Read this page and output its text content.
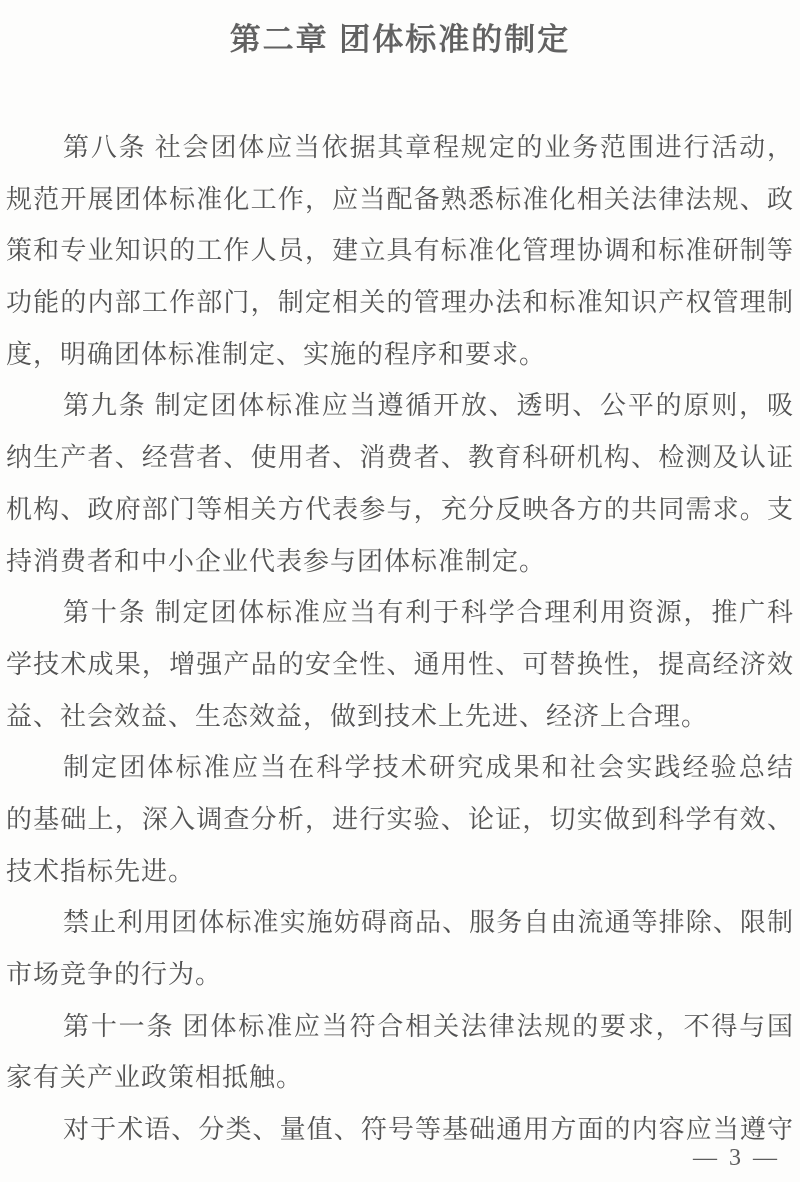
第二章 团体标准的制定
第八条 社会团体应当依据其章程规定的业务范围进行活动，
规范开展团体标准化工作，应当配备熟悉标准化相关法律法规、政
策和专业知识的工作人员，建立具有标准化管理协调和标准研制等
功能的内部工作部门，制定相关的管理办法和标准知识产权管理制
度，明确团体标准制定、实施的程序和要求。
第九条 制定团体标准应当遵循开放、透明、公平的原则，吸
纳生产者、经营者、使用者、消费者、教育科研机构、检测及认证
机构、政府部门等相关方代表参与，充分反映各方的共同需求。支
持消费者和中小企业代表参与团体标准制定。
第十条 制定团体标准应当有利于科学合理利用资源，推广科
学技术成果，增强产品的安全性、通用性、可替换性，提高经济效
益、社会效益、生态效益，做到技术上先进、经济上合理。
制定团体标准应当在科学技术研究成果和社会实践经验总结
的基础上，深入调查分析，进行实验、论证，切实做到科学有效、
技术指标先进。
禁止利用团体标准实施妨碍商品、服务自由流通等排除、限制
市场竞争的行为。
第十一条 团体标准应当符合相关法律法规的要求，不得与国
家有关产业政策相抵触。
对于术语、分类、量值、符号等基础通用方面的内容应当遵守
— 3 —
